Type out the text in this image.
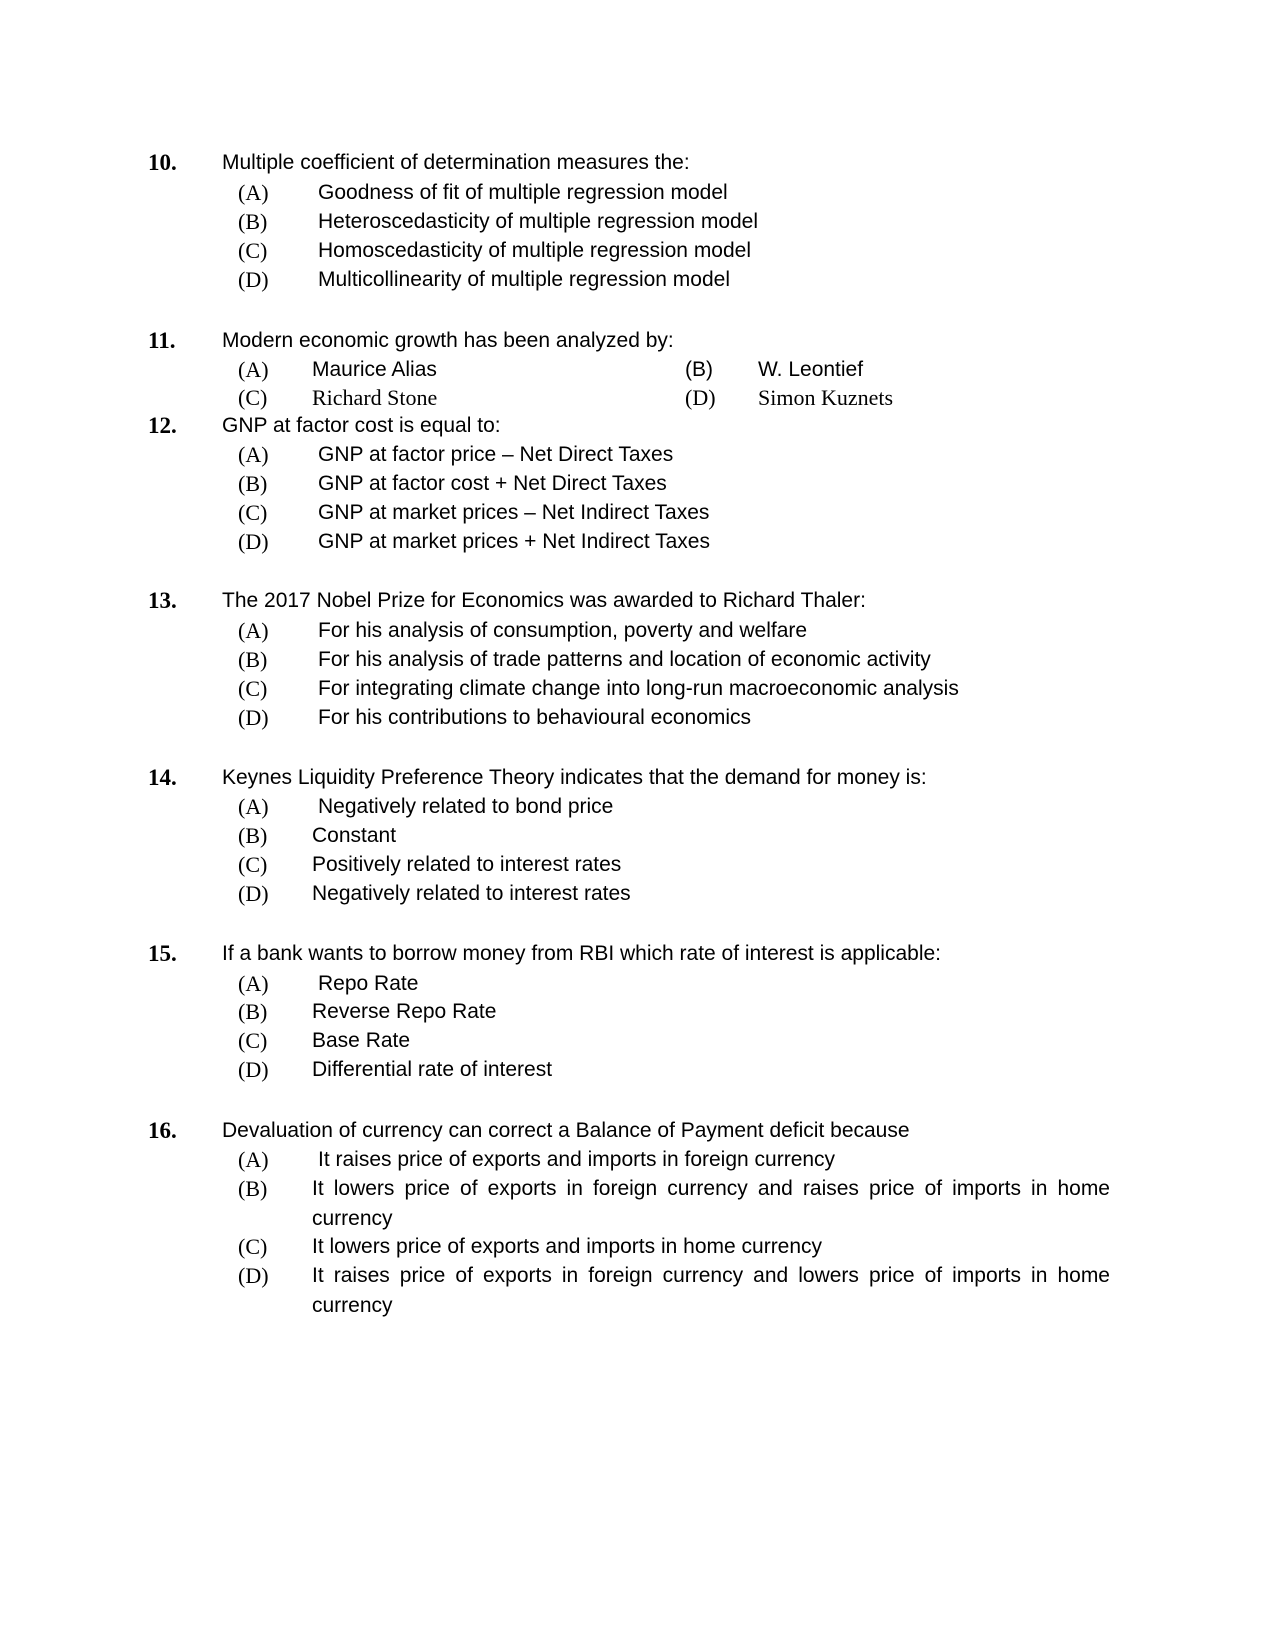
10. Multiple coefficient of determination measures the:
(A) Goodness of fit of multiple regression model
(B) Heteroscedasticity of multiple regression model
(C) Homoscedasticity of multiple regression model
(D) Multicollinearity of multiple regression model
11. Modern economic growth has been analyzed by:
(A) Maurice Alias	(B) W. Leontief
(C) Richard Stone	(D) Simon Kuznets
12. GNP at factor cost is equal to:
(A) GNP at factor price – Net Direct Taxes
(B) GNP at factor cost + Net Direct Taxes
(C) GNP at market prices – Net Indirect Taxes
(D) GNP at market prices + Net Indirect Taxes
13. The 2017 Nobel Prize for Economics was awarded to Richard Thaler:
(A) For his analysis of consumption, poverty and welfare
(B) For his analysis of trade patterns and location of economic activity
(C) For integrating climate change into long-run macroeconomic analysis
(D) For his contributions to behavioural economics
14. Keynes Liquidity Preference Theory indicates that the demand for money is:
(A) Negatively related to bond price
(B) Constant
(C) Positively related to interest rates
(D) Negatively related to interest rates
15. If a bank wants to borrow money from RBI which rate of interest is applicable:
(A) Repo Rate
(B) Reverse Repo Rate
(C) Base Rate
(D) Differential rate of interest
16. Devaluation of currency can correct a Balance of Payment deficit because
(A) It raises price of exports and imports in foreign currency
(B) It lowers price of exports in foreign currency and raises price of imports in home currency
(C) It lowers price of exports and imports in home currency
(D) It raises price of exports in foreign currency and lowers price of imports in home currency
